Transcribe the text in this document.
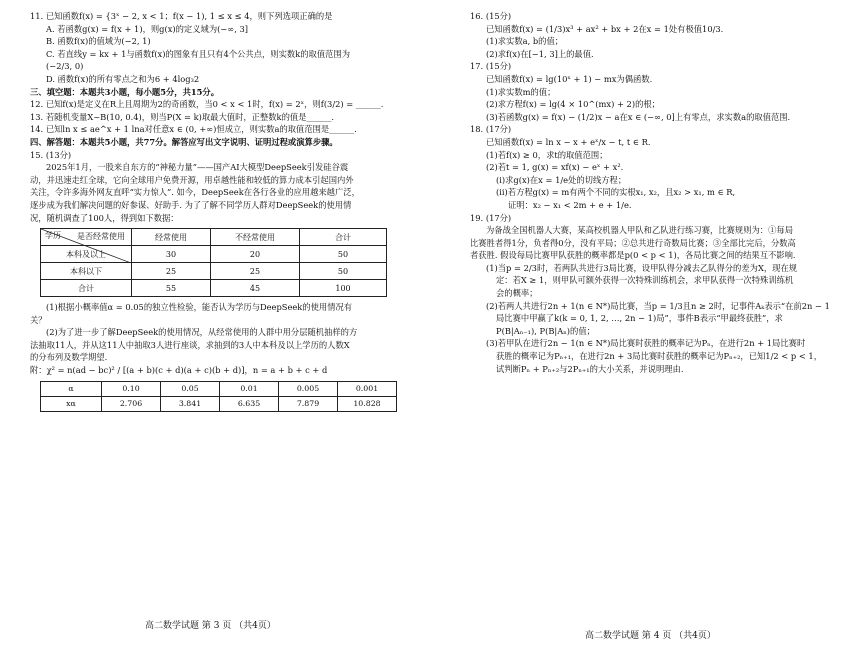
11. 已知函数f(x) = {3ˣ − 2, x < 1；f(x − 1), 1 ≤ x ≤ 4，则下列选项正确的是

A. 若函数g(x) = f(x + 1)，则g(x)的定义域为(−∞, 3]

B. 函数f(x)的值域为(−2, 1)

C. 若直线y = kx + 1与函数f(x)的图象有且只有4个公共点，则实数k的取值范围为

(−2/3, 0)

D. 函数f(x)的所有零点之和为6 + 4log₃2

三、填空题：本题共3小题，每小题5分，共15分。

12. 已知f(x)是定义在R上且周期为2的奇函数，当0 < x < 1时，f(x) = 2ˣ，则f(3/2) = ______.

13. 若随机变量X~B(10, 0.4)，则当P(X = k)取最大值时，正整数k的值是______.

14. 已知ln x ≤ ae^x + 1 lna对任意x ∈ (0, +∞)恒成立，则实数a的取值范围是______.

四、解答题：本题共5小题，共77分。解答应写出文字说明、证明过程或演算步骤。

15. (13分)

2025年1月，一股来自东方的“神秘力量”——国产AI大模型DeepSeek引发硅谷震

动，并迅速走红全球，它向全球用户免费开源，用卓越性能和较低的算力成本引起国内外

关注，令许多海外网友直呼“实力惊人”. 如今，DeepSeek在各行各业的应用越来越广泛，

逐步成为我们解决问题的好参谋、好助手. 为了了解不同学历人群对DeepSeek的使用情

况，随机调查了100人，得到如下数据：

是否经常使用
学历	经常使用	不经常使用	合计
本科及以上	30	20	50
本科以下	25	25	50
合计	55	45	100

(1)根据小概率值α = 0.05的独立性检验，能否认为学历与DeepSeek的使用情况有

关？

(2)为了进一步了解DeepSeek的使用情况，从经常使用的人群中用分层随机抽样的方

法抽取11人，并从这11人中抽取3人进行座谈，求抽到的3人中本科及以上学历的人数X

的分布列及数学期望.

附：χ² = n(ad − bc)² / [(a + b)(c + d)(a + c)(b + d)]，n = a + b + c + d

α	0.10	0.05	0.01	0.005	0.001
xα	2.706	3.841	6.635	7.879	10.828
高二数学试题 第 3 页 （共4页）

16. (15分)

已知函数f(x) = (1/3)x³ + ax² + bx + 2在x = 1处有极值10/3.

(1)求实数a, b的值；

(2)求f(x)在[−1, 3]上的最值.

17. (15分)

已知函数f(x) = lg(10ˣ + 1) − mx为偶函数.

(1)求实数m的值；

(2)求方程f(x) = lg(4 × 10^(mx) + 2)的根；

(3)若函数g(x) = f(x) − (1/2)x − a在x ∈ (−∞, 0]上有零点，求实数a的取值范围.

18. (17分)

已知函数f(x) = ln x − x + eˣ/x − t, t ∈ R.

(1)若f(x) ≥ 0，求t的取值范围；

(2)若t = 1, g(x) = xf(x) − eˣ + x².

(i)求g(x)在x = 1/e处的切线方程；

(ii)若方程g(x) = m有两个不同的实根x₁, x₂，且x₂ > x₁, m ∈ R,

证明：x₂ − x₁ < 2m + e + 1/e.

19. (17分)

为备战全国机器人大赛，某高校机器人甲队和乙队进行练习赛，比赛规则为：①每局

比赛胜者得1分，负者得0分，没有平局；②总共进行奇数局比赛；③全部比完后，分数高

者获胜. 假设每局比赛甲队获胜的概率都是p(0 < p < 1)，各局比赛之间的结果互不影响.

(1)当p = 2/3时，若两队共进行3局比赛，设甲队得分减去乙队得分的差为X，现在规

定：若X ≥ 1，则甲队可额外获得一次特殊训练机会，求甲队获得一次特殊训练机

会的概率；

(2)若两人共进行2n + 1(n ∈ N*)局比赛，当p = 1/3且n ≥ 2时，记事件Aₖ表示“在前2n − 1

局比赛中甲赢了k(k = 0, 1, 2, …, 2n − 1)局”，事件B表示“甲最终获胜”，求

P(B|Aₙ₋₁), P(B|Aₙ)的值；

(3)若甲队在进行2n − 1(n ∈ N*)局比赛时获胜的概率记为Pₙ，在进行2n + 1局比赛时

获胜的概率记为Pₙ₊₁，在进行2n + 3局比赛时获胜的概率记为Pₙ₊₂，已知1/2 < p < 1，

试判断Pₙ + Pₙ₊₂与2Pₙ₊₁的大小关系，并说明理由.

高二数学试题 第 4 页 （共4页）
